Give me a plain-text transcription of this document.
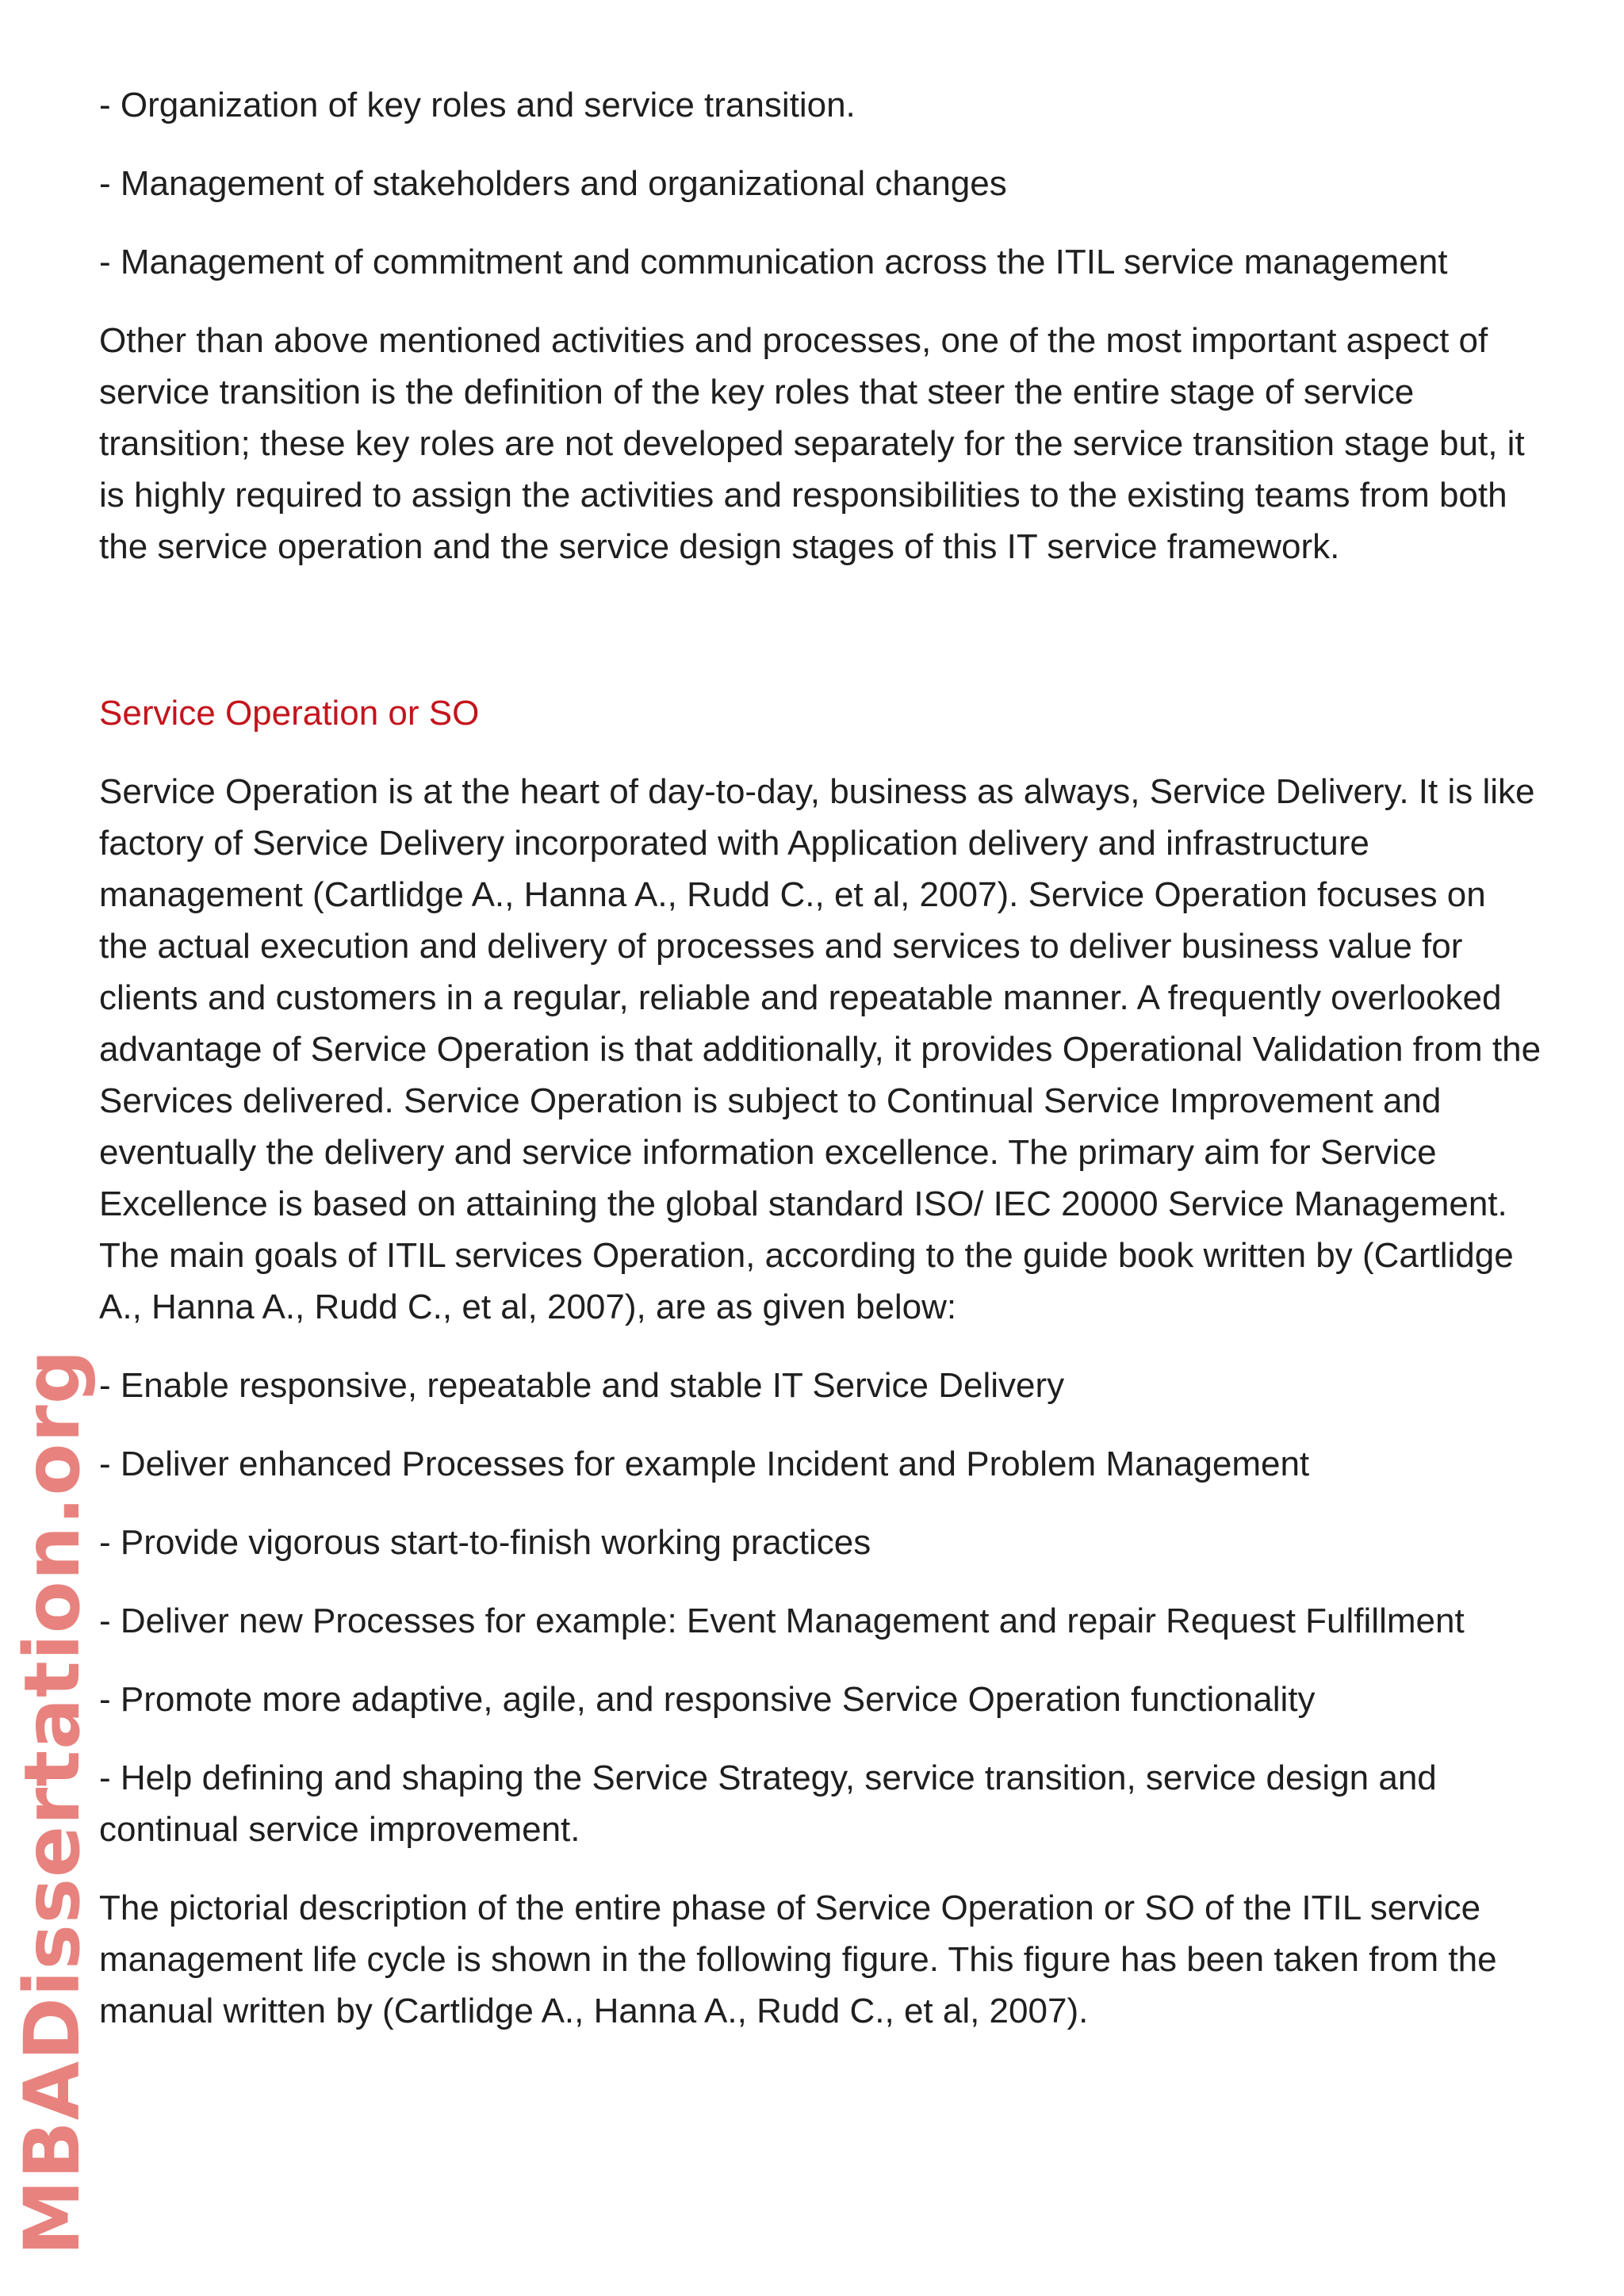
- Organization of key roles and service transition.

- Management of stakeholders and organizational changes

- Management of commitment and communication across the ITIL service management

Other than above mentioned activities and processes, one of the most important aspect of service transition is the definition of the key roles that steer the entire stage of service transition; these key roles are not developed separately for the service transition stage but, it is highly required to assign the activities and responsibilities to the existing teams from both the service operation and the service design stages of this IT service framework.

Service Operation or SO

Service Operation is at the heart of day-to-day, business as always, Service Delivery. It is like factory of Service Delivery incorporated with Application delivery and infrastructure management (Cartlidge A., Hanna A., Rudd C., et al, 2007). Service Operation focuses on the actual execution and delivery of processes and services to deliver business value for clients and customers in a regular, reliable and repeatable manner. A frequently overlooked advantage of Service Operation is that additionally, it provides Operational Validation from the Services delivered. Service Operation is subject to Continual Service Improvement and eventually the delivery and service information excellence. The primary aim for Service Excellence is based on attaining the global standard ISO/ IEC 20000 Service Management. The main goals of ITIL services Operation, according to the guide book written by (Cartlidge A., Hanna A., Rudd C., et al, 2007), are as given below:

- Enable responsive, repeatable and stable IT Service Delivery

- Deliver enhanced Processes for example Incident and Problem Management

- Provide vigorous start-to-finish working practices

- Deliver new Processes for example: Event Management and repair Request Fulfillment

- Promote more adaptive, agile, and responsive Service Operation functionality

- Help defining and shaping the Service Strategy, service transition, service design and continual service improvement.

The pictorial description of the entire phase of Service Operation or SO of the ITIL service management life cycle is shown in the following figure. This figure has been taken from the manual written by (Cartlidge A., Hanna A., Rudd C., et al, 2007).

MBADissertation.org
